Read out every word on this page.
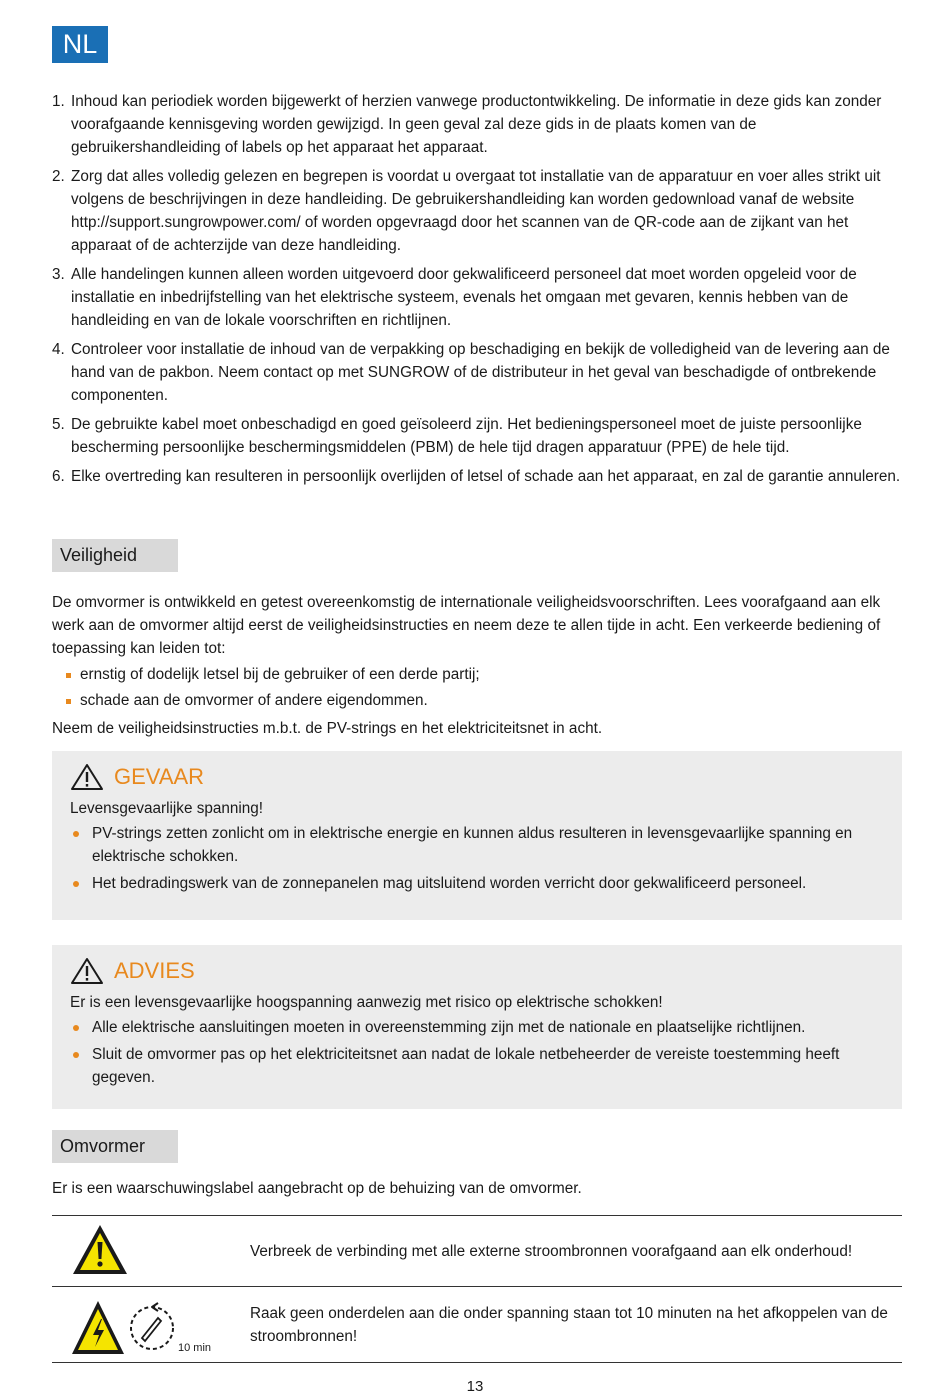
NL
1. Inhoud kan periodiek worden bijgewerkt of herzien vanwege productontwikkeling. De informatie in deze gids kan zonder voorafgaande kennisgeving worden gewijzigd. In geen geval zal deze gids in de plaats komen van de gebruikershandleiding of labels op het apparaat het apparaat.
2. Zorg dat alles volledig gelezen en begrepen is voordat u overgaat tot installatie van de apparatuur en voer alles strikt uit volgens de beschrijvingen in deze handleiding. De gebruikershandleiding kan worden gedownload vanaf de website http://support.sungrowpower.com/ of worden opgevraagd door het scannen van de QR-code aan de zijkant van het apparaat of de achterzijde van deze handleiding.
3. Alle handelingen kunnen alleen worden uitgevoerd door gekwalificeerd personeel dat moet worden opgeleid voor de installatie en inbedrijfstelling van het elektrische systeem, evenals het omgaan met gevaren, kennis hebben van de handleiding en van de lokale voorschriften en richtlijnen.
4. Controleer voor installatie de inhoud van de verpakking op beschadiging en bekijk de volledigheid van de levering aan de hand van de pakbon. Neem contact op met SUNGROW of de distributeur in het geval van beschadigde of ontbrekende componenten.
5. De gebruikte kabel moet onbeschadigd en goed geïsoleerd zijn. Het bedieningspersoneel moet de juiste persoonlijke bescherming persoonlijke beschermingsmiddelen (PBM) de hele tijd dragen apparatuur (PPE) de hele tijd.
6. Elke overtreding kan resulteren in persoonlijk overlijden of letsel of schade aan het apparaat, en zal de garantie annuleren.
Veiligheid

De omvormer is ontwikkeld en getest overeenkomstig de internationale veiligheidsvoorschriften. Lees voorafgaand aan elk werk aan de omvormer altijd eerst de veiligheidsinstructies en neem deze te allen tijde in acht. Een verkeerde bediening of toepassing kan leiden tot:

ernstig of dodelijk letsel bij de gebruiker of een derde partij;
schade aan de omvormer of andere eigendommen.

Neem de veiligheidsinstructies m.b.t. de PV-strings en het elektriciteitsnet in acht.

GEVAAR
Levensgevaarlijke spanning!
PV-strings zetten zonlicht om in elektrische energie en kunnen aldus resulteren in levensgevaarlijke spanning en elektrische schokken.
Het bedradingswerk van de zonnepanelen mag uitsluitend worden verricht door gekwalificeerd personeel.
ADVIES
Er is een levensgevaarlijke hoogspanning aanwezig met risico op elektrische schokken!
Alle elektrische aansluitingen moeten in overeenstemming zijn met de nationale en plaatselijke richtlijnen.
Sluit de omvormer pas op het elektriciteitsnet aan nadat de lokale netbeheerder de vereiste toestemming heeft gegeven.
Omvormer

Er is een waarschuwingslabel aangebracht op de behuizing van de omvormer.

Verbreek de verbinding met alle externe stroombronnen voorafgaand aan elk onderhoud!
10 min
Raak geen onderdelen aan die onder spanning staan tot 10 minuten na het afkoppelen van de stroombronnen!
13
